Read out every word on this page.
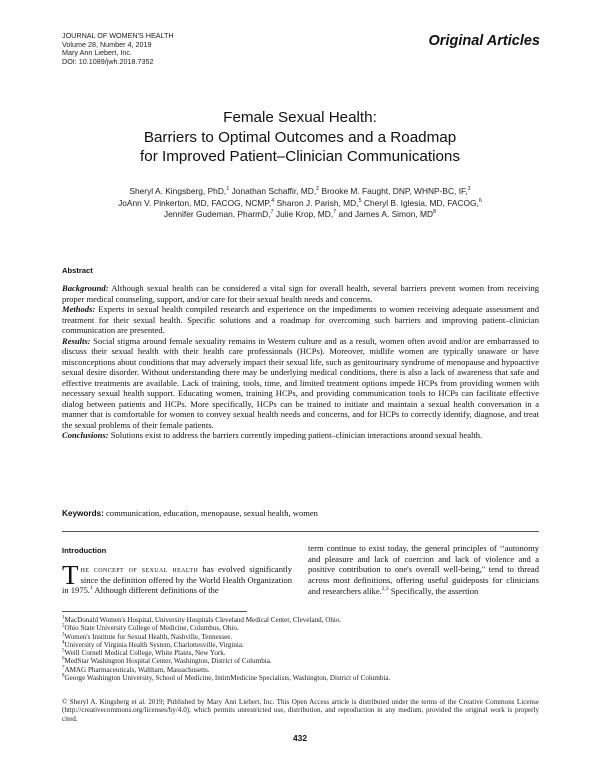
JOURNAL OF WOMEN'S HEALTH
Volume 28, Number 4, 2019
Mary Ann Liebert, Inc.
DOI: 10.1089/jwh.2018.7352
Original Articles
Female Sexual Health:
Barriers to Optimal Outcomes and a Roadmap
for Improved Patient–Clinician Communications
Sheryl A. Kingsberg, PhD,$^1$ Jonathan Schaffir, MD,$^2$ Brooke M. Faught, DNP, WHNP-BC, IF,$^3$
JoAnn V. Pinkerton, MD, FACOG, NCMP,$^4$ Sharon J. Parish, MD,$^5$ Cheryl B. Iglesia, MD, FACOG,$^6$
Jennifer Gudeman, PharmD,$^7$ Julie Krop, MD,$^7$ and James A. Simon, $MD^8$
Abstract

Background: Although sexual health can be considered a vital sign for overall health, several barriers prevent women from receiving proper medical counseling, support, and/or care for their sexual health needs and concerns.

Methods: Experts in sexual health compiled research and experience on the impediments to women receiving adequate assessment and treatment for their sexual health. Specific solutions and a roadmap for overcoming such barriers and improving patient–clinician communication are presented.

Results: Social stigma around female sexuality remains in Western culture and as a result, women often avoid and/or are embarrassed to discuss their sexual health with their health care professionals (HCPs). Moreover, midlife women are typically unaware or have misconceptions about conditions that may adversely impact their sexual life, such as genitourinary syndrome of menopause and hypoactive sexual desire disorder. Without understanding there may be underlying medical conditions, there is also a lack of awareness that safe and effective treatments are available. Lack of training, tools, time, and limited treatment options impede HCPs from providing women with necessary sexual health support. Educating women, training HCPs, and providing communication tools to HCPs can facilitate effective dialog between patients and HCPs. More specifically, HCPs can be trained to initiate and maintain a sexual health conversation in a manner that is comfortable for women to convey sexual health needs and concerns, and for HCPs to correctly identify, diagnose, and treat the sexual problems of their female patients.

Conclusions: Solutions exist to address the barriers currently impeding patient–clinician interactions around sexual health.

Keywords: communication, education, menopause, sexual health, women
Introduction
The concept of sexual health has evolved significantly since the definition offered by the World Health Organization in 1975.$^1$ Although different definitions of the
term continue to exist today, the general principles of ‘‘autonomy and pleasure and lack of coercion and lack of violence and a positive contribution to one's overall well-being,'' tend to thread across most definitions, offering useful guideposts for clinicians and researchers alike.$^{2,3}$ Specifically, the assertion
$^1$MacDonald Women's Hospital, University Hospitals Cleveland Medical Center, Cleveland, Ohio.
$^2$Ohio State University College of Medicine, Columbus, Ohio.
$^3$Women's Institute for Sexual Health, Nashville, Tennessee.
$^4$University of Virginia Health System, Charlottesville, Virginia.
$^5$Weill Cornell Medical College, White Plains, New York.
$^6$MedStar Washington Hospital Center, Washington, District of Columbia.
$^7$AMAG Pharmaceuticals, Waltham, Massachusetts.
$^8$George Washington University, School of Medicine, IntimMedicine Specialists, Washington, District of Columbia.
© Sheryl A. Kingsberg et al. 2019; Published by Mary Ann Liebert, Inc. This Open Access article is distributed under the terms of the Creative Commons License (http://creativecommons.org/licenses/by/4.0), which permits unrestricted use, distribution, and reproduction in any medium, provided the original work is properly cited.
432
